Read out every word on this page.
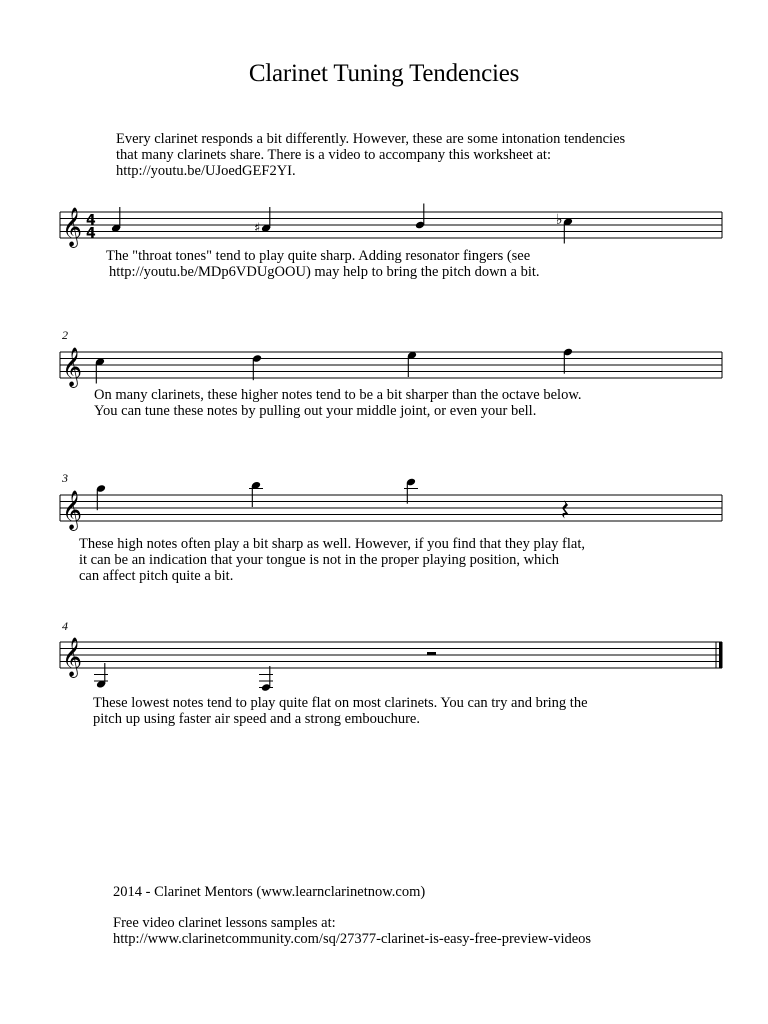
Clarinet Tuning Tendencies
Every clarinet responds a bit differently. However, these are some intonation tendencies
that many clarinets share. There is a video to accompany this worksheet at:
http://youtu.be/UJoedGEF2YI.
𝄞 4
4	♯
♭
The "throat tones" tend to play quite sharp. Adding resonator fingers (see
http://youtu.be/MDp6VDUgOOU) may help to bring the pitch down a bit.
2
𝄞
On many clarinets, these higher notes tend to be a bit sharper than the octave below.
You can tune these notes by pulling out your middle joint, or even your bell.
3
𝄞
These high notes often play a bit sharp as well. However, if you find that they play flat,
it can be an indication that your tongue is not in the proper playing position, which
can affect pitch quite a bit.
4
𝄞
These lowest notes tend to play quite flat on most clarinets. You can try and bring the
pitch up using faster air speed and a strong embouchure.
2014 - Clarinet Mentors (www.learnclarinetnow.com)
Free video clarinet lessons samples at:
http://www.clarinetcommunity.com/sq/27377-clarinet-is-easy-free-preview-videos
